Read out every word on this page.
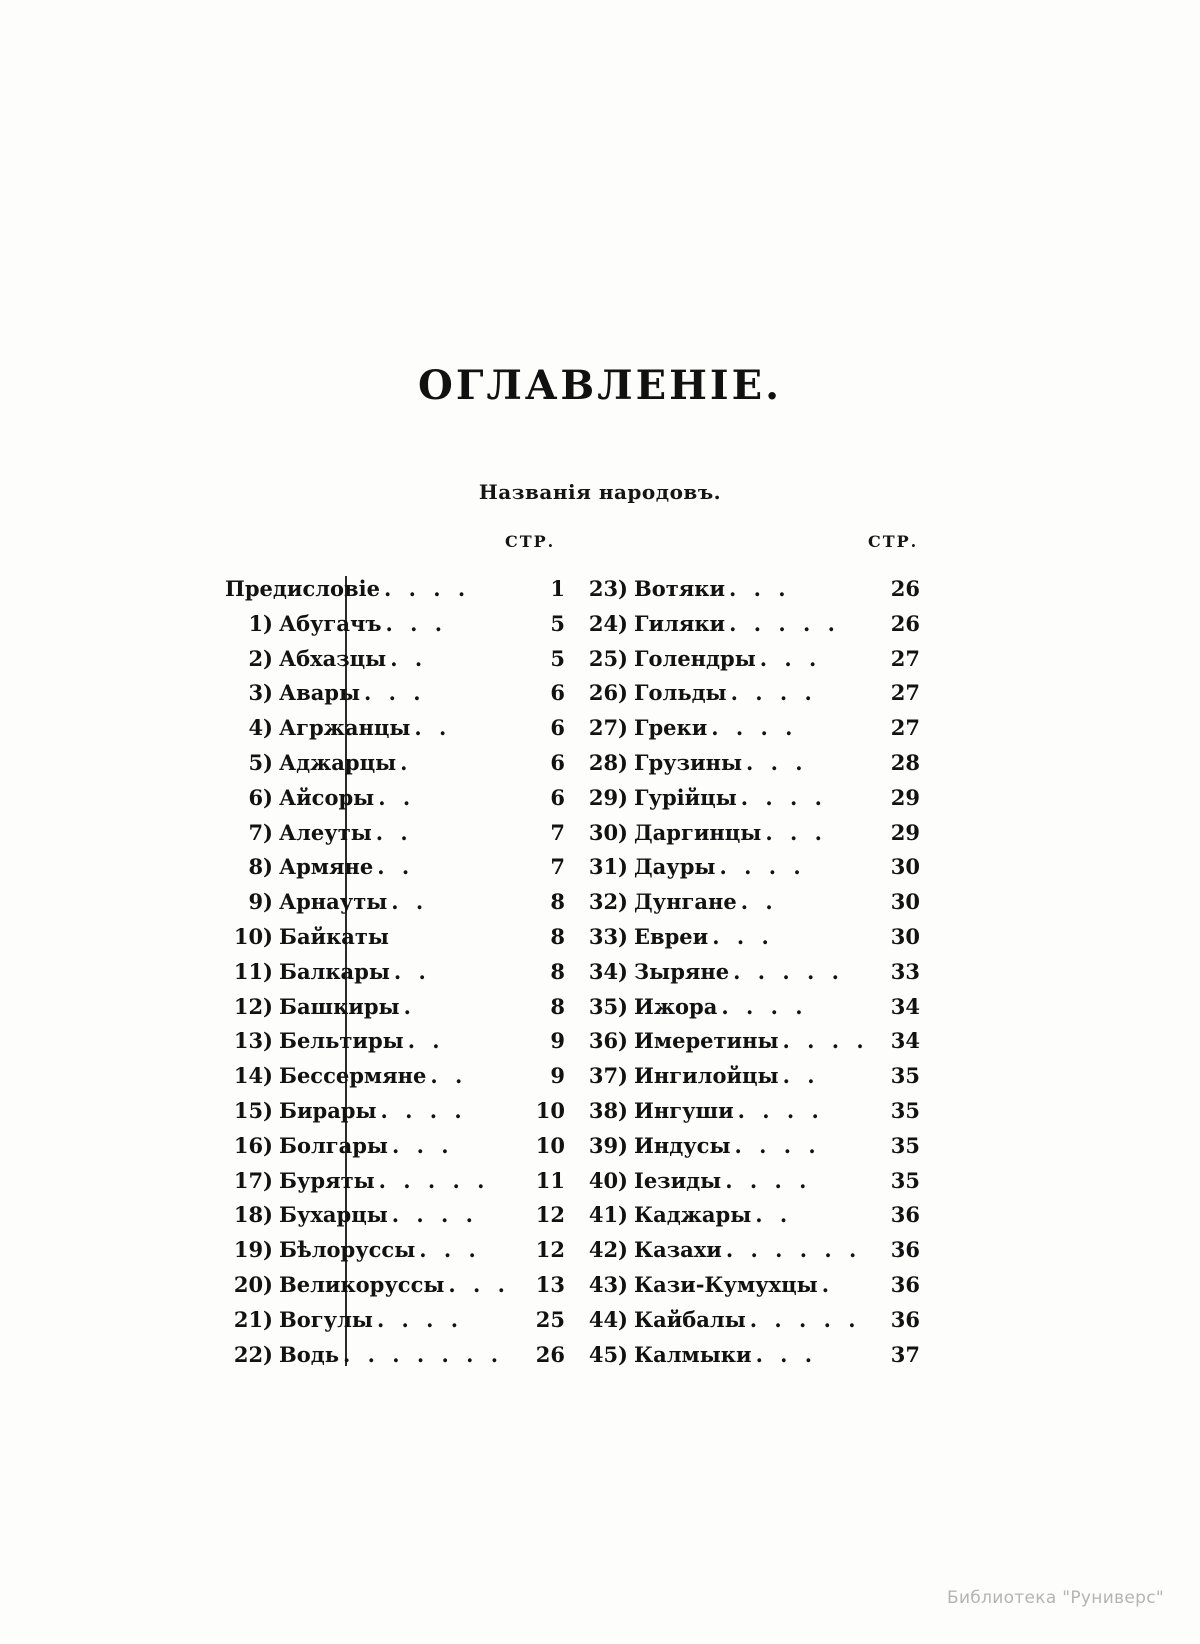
ОГЛАВЛЕНІЕ.
Названія народовъ.
СТР.	СТР.
Предисловіе . . . .	1
1) Абугачъ . . .	5
2) Абхазцы . .	5
3) Авары . . .	6
4) Агржанцы . .	6
5) Аджарцы .	6
6) Айсоры . .	6
7) Алеуты . .	7
8) Армяне . .	7
9) Арнауты . .	8
10) Байкаты	8
11) Балкары . .	8
12) Башкиры .	8
13) Бельтиры . .	9
14) Бессермяне . .	9
15) Бирары . . . .	10
16) Болгары . . .	10
17) Буряты . . . . .	11
18) Бухарцы . . . .	12
19) Бѣлоруссы . . .	12
20) Великоруссы . . .	13
21) Вогулы . . . .	25
22) Водь . . . . . . .	26
23) Вотяки . . .	26
24) Гиляки . . . . .	26
25) Голендры . . .	27
26) Гольды . . . .	27
27) Греки . . . .	27
28) Грузины . . .	28
29) Гурійцы . . . .	29
30) Даргинцы . . .	29
31) Дауры . . . .	30
32) Дунгане . .	30
33) Евреи . . .	30
34) Зыряне . . . . .	33
35) Ижора . . . .	34
36) Имеретины . . . .	34
37) Ингилойцы . .	35
38) Ингуши . . . .	35
39) Индусы . . . .	35
40) Іезиды . . . .	35
41) Каджары . .	36
42) Казахи . . . . . .	36
43) Кази-Кумухцы .	36
44) Кайбалы . . . . .	36
45) Калмыки . . .	37
Библиотека "Руниверс"
